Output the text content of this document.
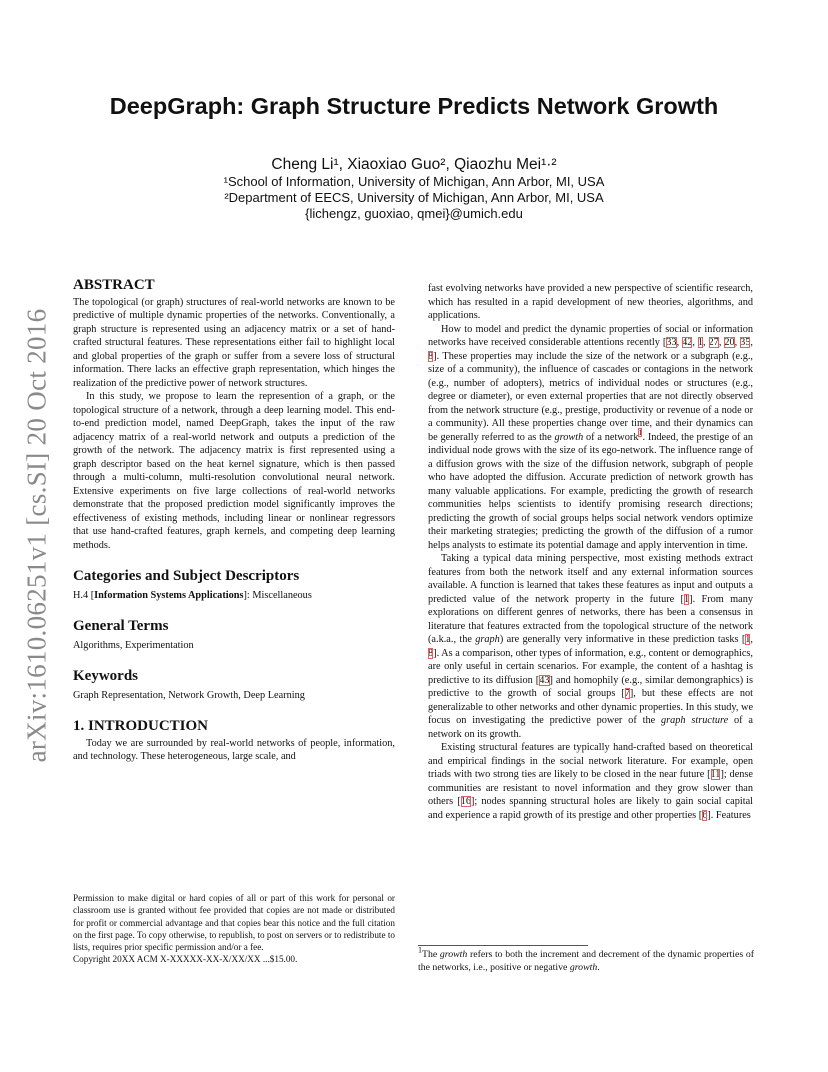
arXiv:1610.06251v1 [cs.SI] 20 Oct 2016
DeepGraph: Graph Structure Predicts Network Growth
Cheng Li¹, Xiaoxiao Guo², Qiaozhu Mei¹·²
¹School of Information, University of Michigan, Ann Arbor, MI, USA
²Department of EECS, University of Michigan, Ann Arbor, MI, USA
{lichengz, guoxiao, qmei}@umich.edu
ABSTRACT

The topological (or graph) structures of real-world networks are known to be predictive of multiple dynamic properties of the networks. Conventionally, a graph structure is represented using an adjacency matrix or a set of hand-crafted structural features. These representations either fail to highlight local and global properties of the graph or suffer from a severe loss of structural information. There lacks an effective graph representation, which hinges the realization of the predictive power of network structures.

In this study, we propose to learn the represention of a graph, or the topological structure of a network, through a deep learning model. This end-to-end prediction model, named DeepGraph, takes the input of the raw adjacency matrix of a real-world network and outputs a prediction of the growth of the network. The adjacency matrix is first represented using a graph descriptor based on the heat kernel signature, which is then passed through a multi-column, multi-resolution convolutional neural network. Extensive experiments on five large collections of real-world networks demonstrate that the proposed prediction model significantly improves the effectiveness of existing methods, including linear or nonlinear regressors that use hand-crafted features, graph kernels, and competing deep learning methods.

Categories and Subject Descriptors

H.4 [Information Systems Applications]: Miscellaneous

General Terms

Algorithms, Experimentation

Keywords

Graph Representation, Network Growth, Deep Learning

1. INTRODUCTION

Today we are surrounded by real-world networks of people, information, and technology. These heterogeneous, large scale, and

Permission to make digital or hard copies of all or part of this work for personal or classroom use is granted without fee provided that copies are not made or distributed for profit or commercial advantage and that copies bear this notice and the full citation on the first page. To copy otherwise, to republish, to post on servers or to redistribute to lists, requires prior specific permission and/or a fee.

Copyright 20XX ACM X-XXXXX-XX-X/XX/XX ...$15.00.

fast evolving networks have provided a new perspective of scientific research, which has resulted in a rapid development of new theories, algorithms, and applications.

How to model and predict the dynamic properties of social or information networks have received considerable attentions recently [33, 42, 1, 27, 20, 35, 8]. These properties may include the size of the network or a subgraph (e.g., size of a community), the influence of cascades or contagions in the network (e.g., number of adopters), metrics of individual nodes or structures (e.g., degree or diameter), or even external properties that are not directly observed from the network structure (e.g., prestige, productivity or revenue of a node or a community). All these properties change over time, and their dynamics can be generally referred to as the growth of a network$^1$. Indeed, the prestige of an individual node grows with the size of its ego-network. The influence range of a diffusion grows with the size of the diffusion network, subgraph of people who have adopted the diffusion. Accurate prediction of network growth has many valuable applications. For example, predicting the growth of research communities helps scientists to identify promising research directions; predicting the growth of social groups helps social network vendors optimize their marketing strategies; predicting the growth of the diffusion of a rumor helps analysts to estimate its potential damage and apply intervention in time.

Taking a typical data mining perspective, most existing methods extract features from both the network itself and any external information sources available. A function is learned that takes these features as input and outputs a predicted value of the network property in the future [1]. From many explorations on different genres of networks, there has been a consensus in literature that features extracted from the topological structure of the network (a.k.a., the graph) are generally very informative in these prediction tasks [1, 8]. As a comparison, other types of information, e.g., content or demographics, are only useful in certain scenarios. For example, the content of a hashtag is predictive to its diffusion [43] and homophily (e.g., similar demongraphics) is predictive to the growth of social groups [7], but these effects are not generalizable to other networks and other dynamic properties. In this study, we focus on investigating the predictive power of the graph structure of a network on its growth.

Existing structural features are typically hand-crafted based on theoretical and empirical findings in the social network literature. For example, open triads with two strong ties are likely to be closed in the near future [11]; dense communities are resistant to novel information and they grow slower than others [16]; nodes spanning structural holes are likely to gain social capital and experience a rapid growth of its prestige and other properties [6]. Features

$^1$The growth refers to both the increment and decrement of the dynamic properties of the networks, i.e., positive or negative growth.
